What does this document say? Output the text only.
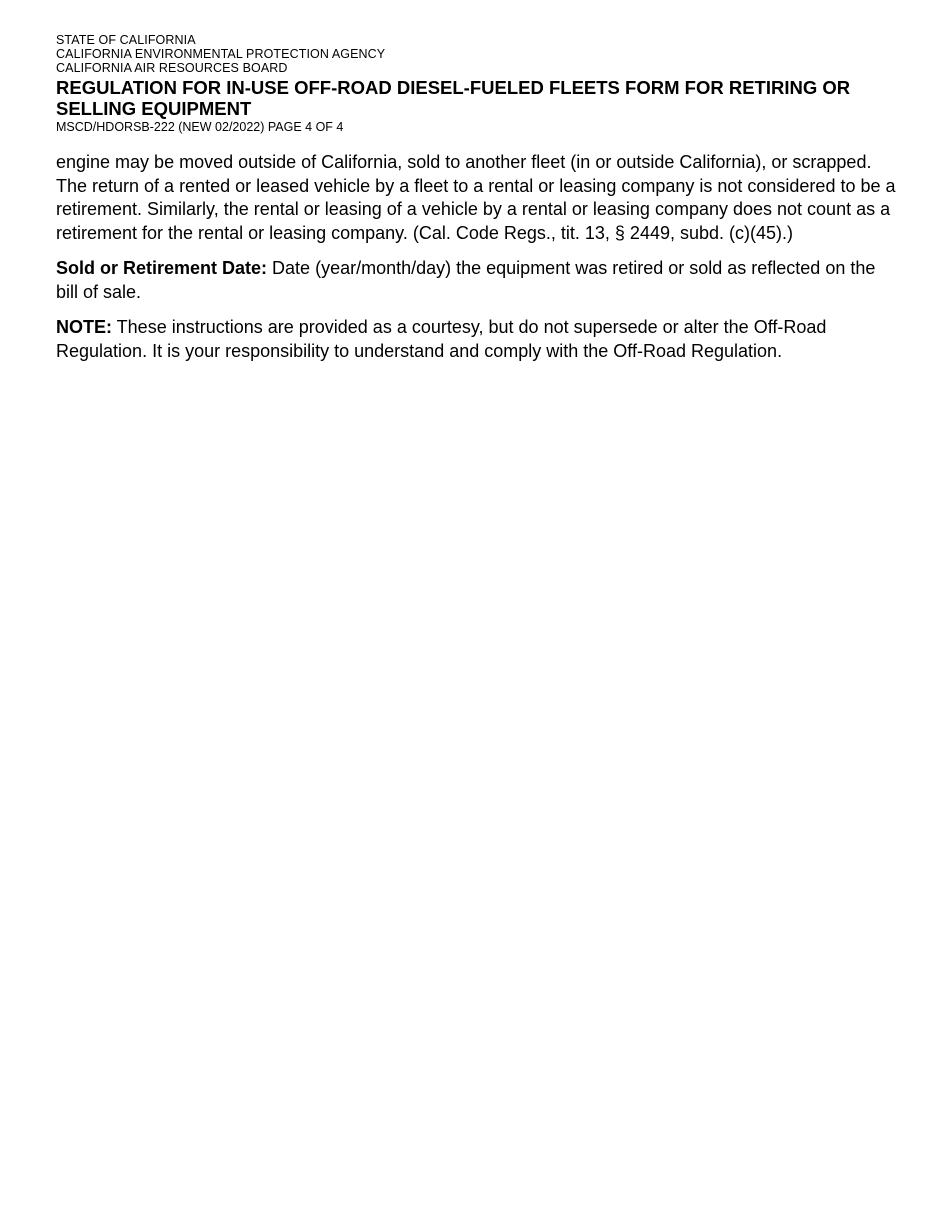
STATE OF CALIFORNIA

CALIFORNIA ENVIRONMENTAL PROTECTION AGENCY

CALIFORNIA AIR RESOURCES BOARD

REGULATION FOR IN-USE OFF-ROAD DIESEL-FUELED FLEETS FORM FOR RETIRING OR SELLING EQUIPMENT

MSCD/HDORSB-222 (NEW 02/2022) PAGE 4 OF 4

engine may be moved outside of California, sold to another fleet (in or outside California), or scrapped. The return of a rented or leased vehicle by a fleet to a rental or leasing company is not considered to be a retirement. Similarly, the rental or leasing of a vehicle by a rental or leasing company does not count as a retirement for the rental or leasing company. (Cal. Code Regs., tit. 13, § 2449, subd. (c)(45).)

Sold or Retirement Date: Date (year/month/day) the equipment was retired or sold as reflected on the bill of sale.

NOTE: These instructions are provided as a courtesy, but do not supersede or alter the Off-Road Regulation. It is your responsibility to understand and comply with the Off-Road Regulation.
